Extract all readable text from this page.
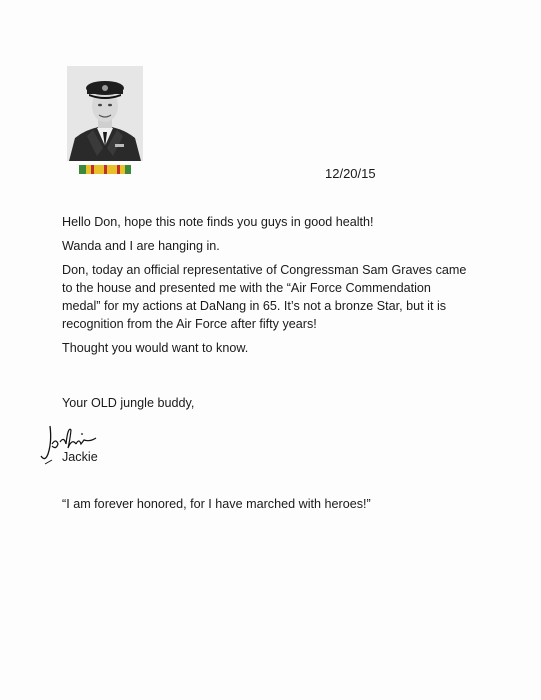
12/20/15

Hello Don, hope this note finds you guys in good health!

Wanda and I are hanging in.

Don, today an official representative of Congressman Sam Graves came
to the house and presented me with the “Air Force Commendation
medal” for my actions at DaNang in 65. It’s not a bronze Star, but it is
recognition from the Air Force after fifty years!

Thought you would want to know.

Your OLD jungle buddy,
Jackie
“I am forever honored, for I have marched with heroes!”
